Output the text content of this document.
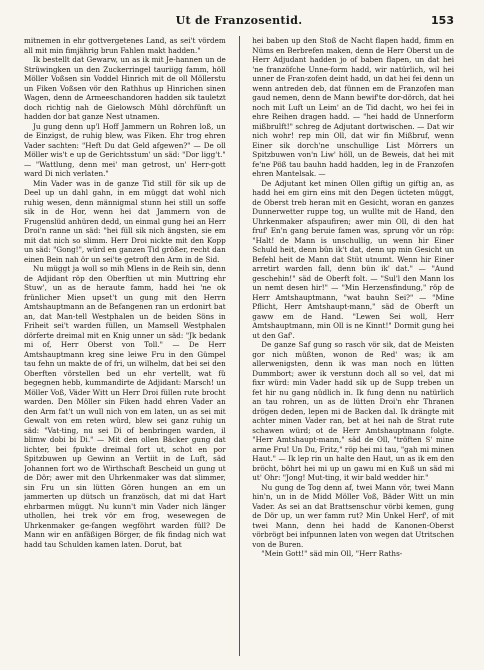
Ut de Franzosentid.	153

mitnemen in ehr gottvergetenes Land, as sei't vördem all mit min fimjährig brun Fahlen makt hadden."

Ik bestellt dat Gewarw, un as ik mit Je-hannen un de Strüwingken un den Zuckerringel tauriigg famm, höll Möller Voßsen sin Voddel Hinrich mit de oll Möllerstu un Fiken Voßsen vör den Rathhus up Hinrichen sinen Wagen, denn de Armeeschandoren hadden sik tauletzt doch richtig nah de Gielowsch Mühl dörchfünft un hadden dor bat ganze Nest utnamen.

Ju gung denn up'l Hoff Jammern un Rohren loß, un de Einzigst, de ruhig blew, was Fiken. Ehr trog ehren Vader sachten: "Heft Du dat Geld afgewen?" — De oll Möller wis't e up de Gerichtsstum' un säd: "Dor ligg't." — "Wattlung, denn mei' man getrost, un' Herr-gott ward Di nich verlaten."

Min Vader was in de ganze Tid still för sik up de Deel up un dahl gahn, in em müggt dat wohl nich ruhig wesen, denn männigmal stunn hei still un soffe sik in de Hor, wenn hei dat Jammern von de Frugenslüd anhüren dedd, un einmal gung hei an Herr Droi'n ranne un säd: "hei füll sik nich ängsten, sie em mit dat nich so slimm. Herr Droi nickte mit den Kopp un säd: "Gong!", würd en ganzen Tid größer, recht dan einen Bein nah ör un sei'te getroft den Arm in de Sid.

Nu müggt ja woll so mih Mlens in de Reih sin, denn de Adjidant röp den Oberftien ut min Muttring ehr Stuw', un as de heraute famm, hadd hei 'ne ok frünlicher Mien upset't un gung mit den Herrn Amtshauptmann an de Befangenen ran un erdonirt bat an, dat Man-tell Westphalen un de beiden Söns in Friheit sei't warden füllen, un Mamsell Westphalen dörferte dreimal mit en Knig unner un säd: "Jk bedank mi of, Herr Oberst von Toll." — De Herr Amtshauptmann kreg sine leiwe Fru in den Gümpel tau fehn un makte de of fri, un wilhelm, dat bei sei den Oberften vörstellen bed un ehr vertellt, wat fü begegnen hebb, kummandirte de Adjidant: Marsch! un Möller Voß, Väder Witt un Herr Droi füllen rute brocht warden. Den Möller sin Fiken hadd ehren Vader an den Arm fat't un wull nich von em laten, un as sei mit Gewalt von em reten würd, blew sei ganz ruhig un säd: "Vat-ting, nu sei Di of benbringen warden, il blimw dobi bi Di." — Mit den ollen Bäcker gung dat lichter, bei fpukte dreimal fort ut, schot en por Spitzbuwen up Gewinn an Vertiit in de Luft, säd Johannen fort wo de Wirthschaft Bescheid un gung ut de Dör; awer mit den Uhrkenmaker was dat slimmer, sin Fru un sin lütten Gören hungen an em un jammerten up dütsch un französch, dat mi dat Hart ehrbarmen müggt. Nu kunn't min Vader nich länger uthollen, hei trek vör em frog, wesewegen de Uhrkenmaker ge-fangen wegföhrt warden füll? De Mann wir en anfäßigen Börger, de fik findag nich wat hadd tau Schulden kamen laten. Dorut, bat

hei baben up den Stoß de Nacht flapen hadd, fimm en Nüms en Berbrefen maken, denn de Herr Oberst un de Herr Adjudant hadden jo of baben flapen, un dat hei 'ne franzöfche Unne-form hadd, wir natürlich, wil hei unner de Fran-zofen deint hadd, un dat hei fei denn un wenn antreden deb, dat fünnen em de Franzofen man gaud nemen, denn de Mann bewif'te dor-dörch, dat hei noch mit Luft un Leim' an de Tid dacht, wo hei fei in ehre Reihen dragen hadd. — "hei hadd de Unnerform mißbrulft!" schreg de Adjutant dortwischen. — Dat wir nich wohr! rep min Oll, dat wir fin Mißbruf, wenn Einer sik dorch'ne unschullige List Mörrers un Spitzbuwen von'n Liw' höll, un de Beweis, dat hei mit fe'ne Pöß tau bauhn hadd hadden, leg in de Franzofen ehren Mantelsak. —

De Adjutant ket minen Ollen giftig un giftig an, as hadd hei em girn eins mit den Degen ücteten müggt, de Oberst treb heran mit en Gesicht, woran en ganzes Dunnerwetter ruppe tog, un wullte mit de Hand, den Uhrkenmaker afspaufiren; awer min Oll, di den hat fruf' En'n gang beruie famen was, sprung vör un röp: "Halt! de Mann is unschullig, un wenn hir Einer Schuld heit, denn bün ik't dat, denn up min Gesicht un Befehl heit de Mann dat Stüt utnumt. Wenn hir Einer arretirt warden fall, denn bün ik' dat." — "Aund geschehin!" säd de Oberft folt. — "Sul'l den Mann los un nemt desen hir!" — "Min Herzensfindung," röp de Herr Amtshauptmann, "wat bauhn Sei?" — "Mine Pflicht, Herr Amtshaupt-mann," säd de Oberft un gaww em de Hand. "Lewen Sei woll, Herr Amtshauptmann, min Oll is ne Kinnt!" Dormit gung hei ut den Gaf'.

De ganze Saf gung so rasch vör sik, dat de Meisten gor nich müßten, wonon de Red' was; ik am allerwenigsten, denn ik was man noch en lütten Dummbort; awer ik verstunn doch all so vel, dat mi fixr würd: min Vader hadd sik up de Supp treben un fet hir nu gang nüdlich in. Ik fung denn nu natürlich an tau rohren, un as de lütten Droi'n ehr Thranen drögen deden, lepen mi de Backen dal. Ik drängte mit achter minen Vader ran, bet at hei nah de Strat rute schawen würd; ot de Herr Amtshauptmann folgte. "Herr Amtshaupt-mann," säd de Oll, "tröften S' mine arme Fru! Un Du, Fritz," röp hei mi tau, "gah mi minen Haut." — Ik lep rin un halte den Haut, un as ik em den bröcht, böhrt hei mi up un gawu mi en Kuß un säd mi ut' Ohr: "Jong! Mut-ting, it wir bald wedder hir."

Nu gung de Tog denn af, twei Mann vör, twei Mann hin'n, un in de Midd Möller Voß, Bäder Witt un min Vader. As sei an dat Brattsenschur vörbi kemen, gung de Dör up, un wer famm rut? Min Unkel Herf', of mit twei Mann, denn hei hadd de Kanonen-Oberst vörbrögt bei infpunnen laten von wegen dat Utritschen von de Buren.

"Mein Gott!" säd min Oll, "Herr Raths-
